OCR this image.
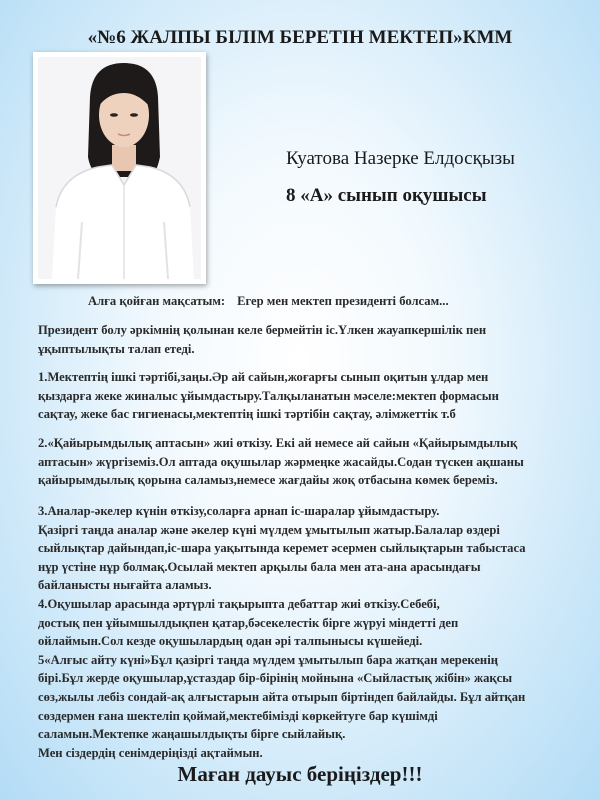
«№6 ЖАЛПЫ БІЛІМ БЕРЕТІН МЕКТЕП»КММ
Куатова Назерке Елдосқызы
8 «А» сынып оқушысы
Алға қойған мақсатым: Егер мен мектеп президенті болсам...
Президент болу әркімнің қолынан келе бермейтін іс.Үлкен жауапкершілік пен
ұқыптылықты талап етеді.
1.Мектептің ішкі тәртібі,заңы.Әр ай сайын,жоғарғы сынып оқитын ұлдар мен
қыздарға жеке жиналыс ұйымдастыру.Талқыланатын мәселе:мектеп формасын
сақтау, жеке бас гигиенасы,мектептің ішкі тәртібін сақтау, әлімжеттік т.б
2.«Қайырымдылық аптасын» жиі өткізу. Екі ай немесе ай сайын «Қайырымдылық
аптасын» жүргіземіз.Ол аптада оқушылар жәрмеңке жасайды.Содан түскен ақшаны
қайырымдылық қорына саламыз,немесе жағдайы жоқ отбасына көмек береміз.
3.Аналар-әкелер күнін өткізу,соларға арнап іс-шаралар ұйымдастыру.
Қазіргі таңда аналар және әкелер күні мүлдем ұмытылып жатыр.Балалар өздері
сыйлықтар дайындап,іс-шара уақытында керемет әсермен сыйлықтарын табыстаса
нұр үстіне нұр болмақ.Осылай мектеп арқылы бала мен ата-ана арасындағы
байланысты нығайта аламыз.
4.Оқушылар арасында әртүрлі тақырыпта дебаттар жиі өткізу.Себебі,
достық пен ұйымшылдықпен қатар,бәсекелестік бірге жүруі міндетті деп
ойлаймын.Сол кезде оқушылардың одан әрі талпынысы күшейеді.
5«Алғыс айту күні»Бұл қазіргі таңда мүлдем ұмытылып бара жатқан мерекенің
бірі.Бұл жерде оқушылар,ұстаздар бір-бірінің мойнына «Сыйластық жібін» жақсы
сөз,жылы лебіз сондай-ақ алғыстарын айта отырып біртіндеп байлайды. Бұл айтқан
сөздермен ғана шектеліп қоймай,мектебімізді көркейтуге бар күшімді
саламын.Мектепке жаңашылдықты бірге сыйлайық.
Мен сіздердің сенімдеріңізді ақтаймын.
Маған дауыс беріңіздер!!!
